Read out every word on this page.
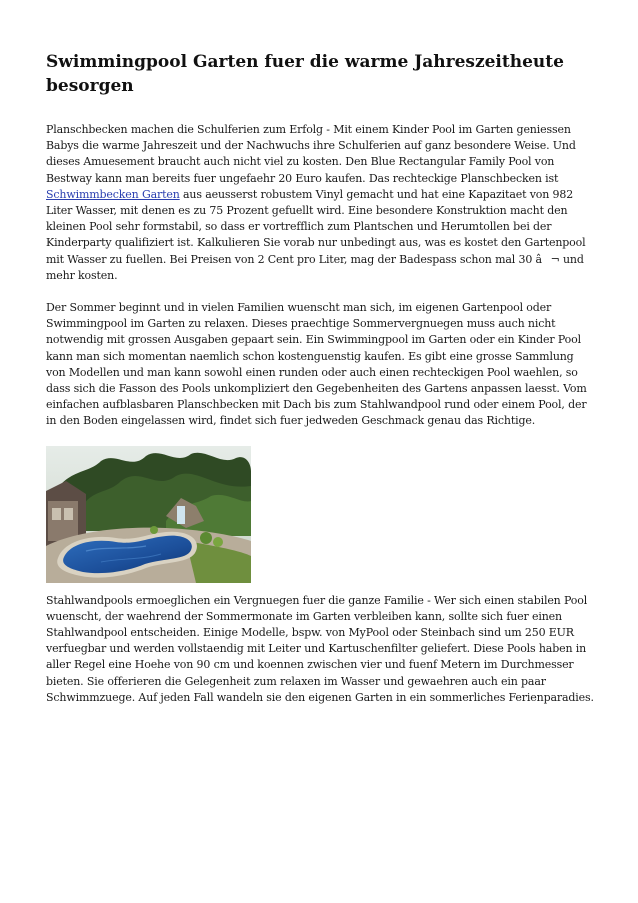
Swimmingpool Garten fuer die warme Jahreszeitheute besorgen

Planschbecken machen die Schulferien zum Erfolg - Mit einem Kinder Pool im Garten geniessen Babys die warme Jahreszeit und der Nachwuchs ihre Schulferien auf ganz besondere Weise. Und dieses Amuesement braucht auch nicht viel zu kosten. Den Blue Rectangular Family Pool von Bestway kann man bereits fuer ungefaehr 20 Euro kaufen. Das rechteckige Planschbecken ist Schwimmbecken Garten aus aeusserst robustem Vinyl gemacht und hat eine Kapazitaet von 982 Liter Wasser, mit denen es zu 75 Prozent gefuellt wird. Eine besondere Konstruktion macht den kleinen Pool sehr formstabil, so dass er vortrefflich zum Plantschen und Herumtollen bei der Kinderparty qualifiziert ist. Kalkulieren Sie vorab nur unbedingt aus, was es kostet den Gartenpool mit Wasser zu fuellen. Bei Preisen von 2 Cent pro Liter, mag der Badespass schon mal 30 â¬ und mehr kosten.

Der Sommer beginnt und in vielen Familien wuenscht man sich, im eigenen Gartenpool oder Swimmingpool im Garten zu relaxen. Dieses praechtige Sommervergnuegen muss auch nicht notwendig mit grossen Ausgaben gepaart sein. Ein Swimmingpool im Garten oder ein Kinder Pool kann man sich momentan naemlich schon kostenguenstig kaufen. Es gibt eine grosse Sammlung von Modellen und man kann sowohl einen runden oder auch einen rechteckigen Pool waehlen, so dass sich die Fasson des Pools unkompliziert den Gegebenheiten des Gartens anpassen laesst. Vom einfachen aufblasbaren Planschbecken mit Dach bis zum Stahlwandpool rund oder einem Pool, der in den Boden eingelassen wird, findet sich fuer jedweden Geschmack genau das Richtige.

Stahlwandpools ermoeglichen ein Vergnuegen fuer die ganze Familie - Wer sich einen stabilen Pool wuenscht, der waehrend der Sommermonate im Garten verbleiben kann, sollte sich fuer einen Stahlwandpool entscheiden. Einige Modelle, bspw. von MyPool oder Steinbach sind um 250 EUR verfuegbar und werden vollstaendig mit Leiter und Kartuschenfilter geliefert. Diese Pools haben in aller Regel eine Hoehe von 90 cm und koennen zwischen vier und fuenf Metern im Durchmesser bieten. Sie offerieren die Gelegenheit zum relaxen im Wasser und gewaehren auch ein paar Schwimmzuege. Auf jeden Fall wandeln sie den eigenen Garten in ein sommerliches Ferienparadies.
